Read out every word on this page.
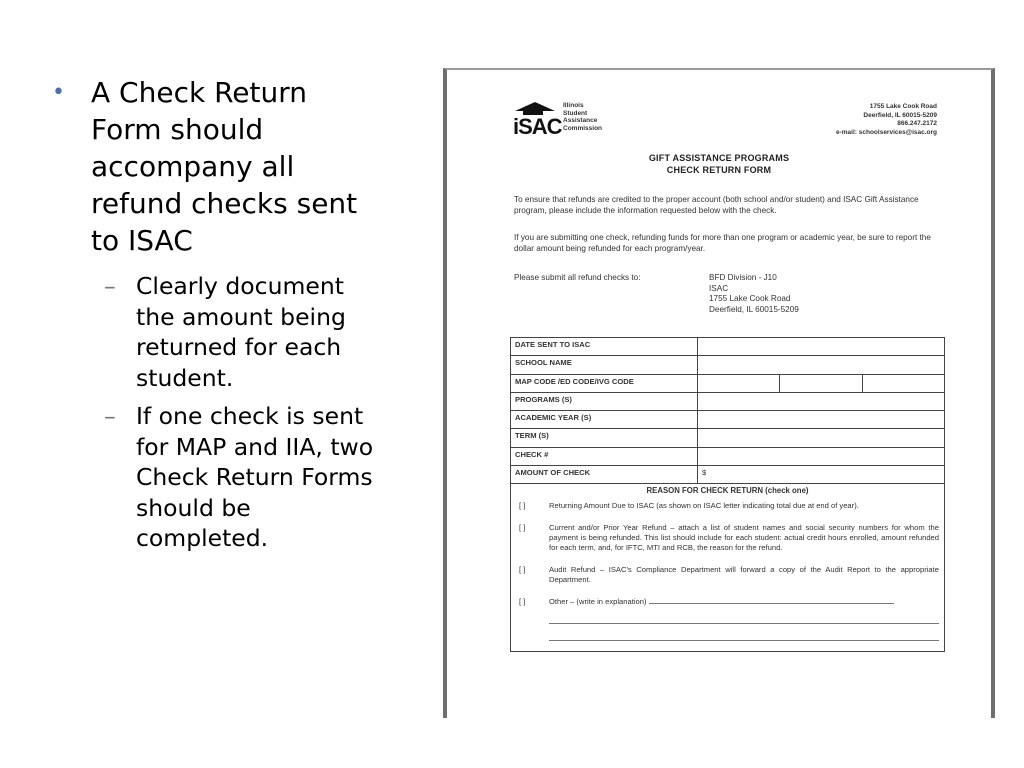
• A Check Return Form should accompany all refund checks sent to ISAC
– Clearly document the amount being returned for each student.
– If one check is sent for MAP and IIA, two Check Return Forms should be completed.
iSAC
Illinois
Student
Assistance
Commission
1755 Lake Cook Road
Deerfield, IL 60015-5209
866.247.2172
e-mail: schoolservices@isac.org
GIFT ASSISTANCE PROGRAMS
CHECK RETURN FORM
To ensure that refunds are credited to the proper account (both school and/or student) and ISAC Gift Assistance program, please include the information requested below with the check.
If you are submitting one check, refunding funds for more than one program or academic year, be sure to report the dollar amount being refunded for each program/year.
Please submit all refund checks to:	BFD Division - J10
ISAC
1755 Lake Cook Road
Deerfield, IL 60015-5209
DATE SENT TO ISAC
SCHOOL NAME
MAP CODE /ED CODE/IVG CODE
PROGRAMS (S)
ACADEMIC YEAR (S)
TERM (S)
CHECK #
AMOUNT OF CHECK	$
REASON FOR CHECK RETURN (check one)
[ ]	Returning Amount Due to ISAC (as shown on ISAC letter indicating total due at end of year).
[ ]	Current and/or Prior Year Refund – attach a list of student names and social security numbers for whom the payment is being refunded. This list should include for each student: actual credit hours enrolled, amount refunded for each term, and, for IFTC, MTI and RCB, the reason for the refund.
[ ]	Audit Refund – ISAC's Compliance Department will forward a copy of the Audit Report to the appropriate Department.
[ ]	Other – (write in explanation)
